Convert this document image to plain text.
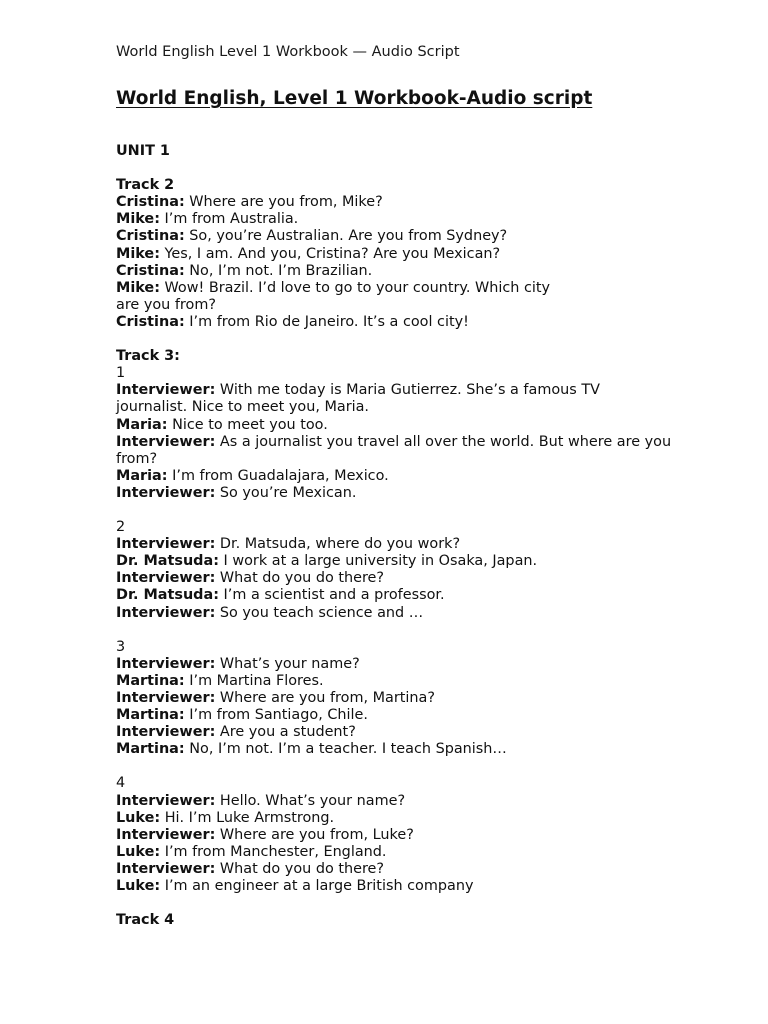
World English Level 1 Workbook — Audio Script
World English, Level 1 Workbook-Audio script
UNIT 1
Track 2
Cristina: Where are you from, Mike?
Mike: I’m from Australia.
Cristina: So, you’re Australian. Are you from Sydney?
Mike: Yes, I am. And you, Cristina? Are you Mexican?
Cristina: No, I’m not. I’m Brazilian.
Mike: Wow! Brazil. I’d love to go to your country. Which city
are you from?
Cristina: I’m from Rio de Janeiro. It’s a cool city!
Track 3:
1
Interviewer: With me today is Maria Gutierrez. She’s a famous TV
journalist. Nice to meet you, Maria.
Maria: Nice to meet you too.
Interviewer: As a journalist you travel all over the world. But where are you
from?
Maria: I’m from Guadalajara, Mexico.
Interviewer: So you’re Mexican.
2
Interviewer: Dr. Matsuda, where do you work?
Dr. Matsuda: I work at a large university in Osaka, Japan.
Interviewer: What do you do there?
Dr. Matsuda: I’m a scientist and a professor.
Interviewer: So you teach science and …
3
Interviewer: What’s your name?
Martina: I’m Martina Flores.
Interviewer: Where are you from, Martina?
Martina: I’m from Santiago, Chile.
Interviewer: Are you a student?
Martina: No, I’m not. I’m a teacher. I teach Spanish…
4
Interviewer: Hello. What’s your name?
Luke: Hi. I’m Luke Armstrong.
Interviewer: Where are you from, Luke?
Luke: I’m from Manchester, England.
Interviewer: What do you do there?
Luke: I’m an engineer at a large British company
Track 4
